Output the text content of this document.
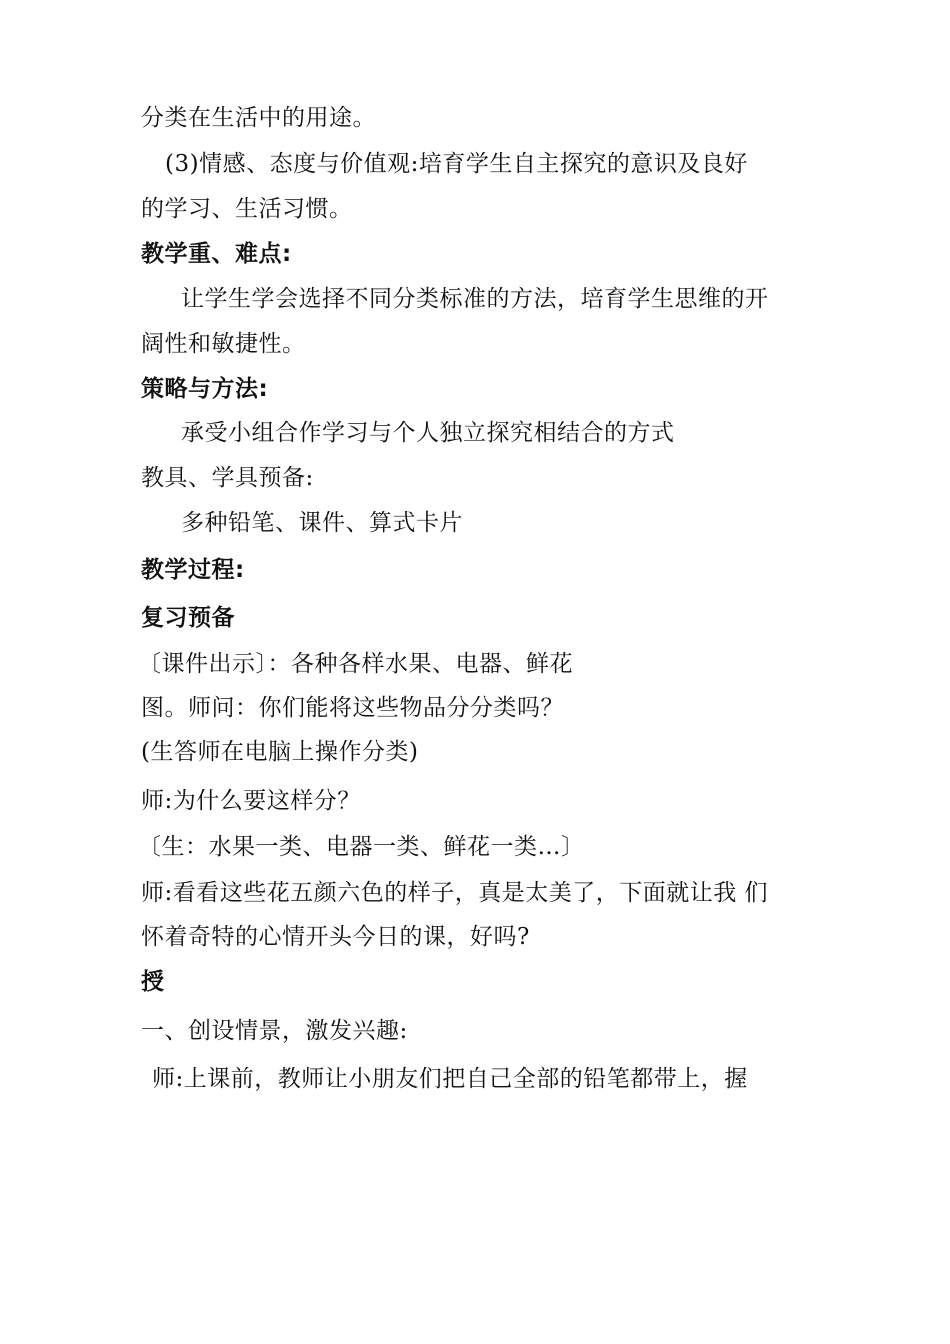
分类在生活中的用途。
(3)情感、态度与价值观:培育学生自主探究的意识及良好
的学习、生活习惯。
教学重、难点:
让学生学会选择不同分类标准的方法，培育学生思维的开
阔性和敏捷性。
策略与方法:
承受小组合作学习与个人独立探究相结合的方式
教具、学具预备:
多种铅笔、课件、算式卡片
教学过程:
复习预备
〔课件出示〕：各种各样水果、电器、鲜花
图。师问：你们能将这些物品分分类吗？
(生答师在电脑上操作分类)
师:为什么要这样分？
〔生：水果一类、电器一类、鲜花一类…〕
师:看看这些花五颜六色的样子，真是太美了，下面就让我 们
怀着奇特的心情开头今日的课，好吗?
授
一、创设情景，激发兴趣:
师:上课前，教师让小朋友们把自己全部的铅笔都带上，握
